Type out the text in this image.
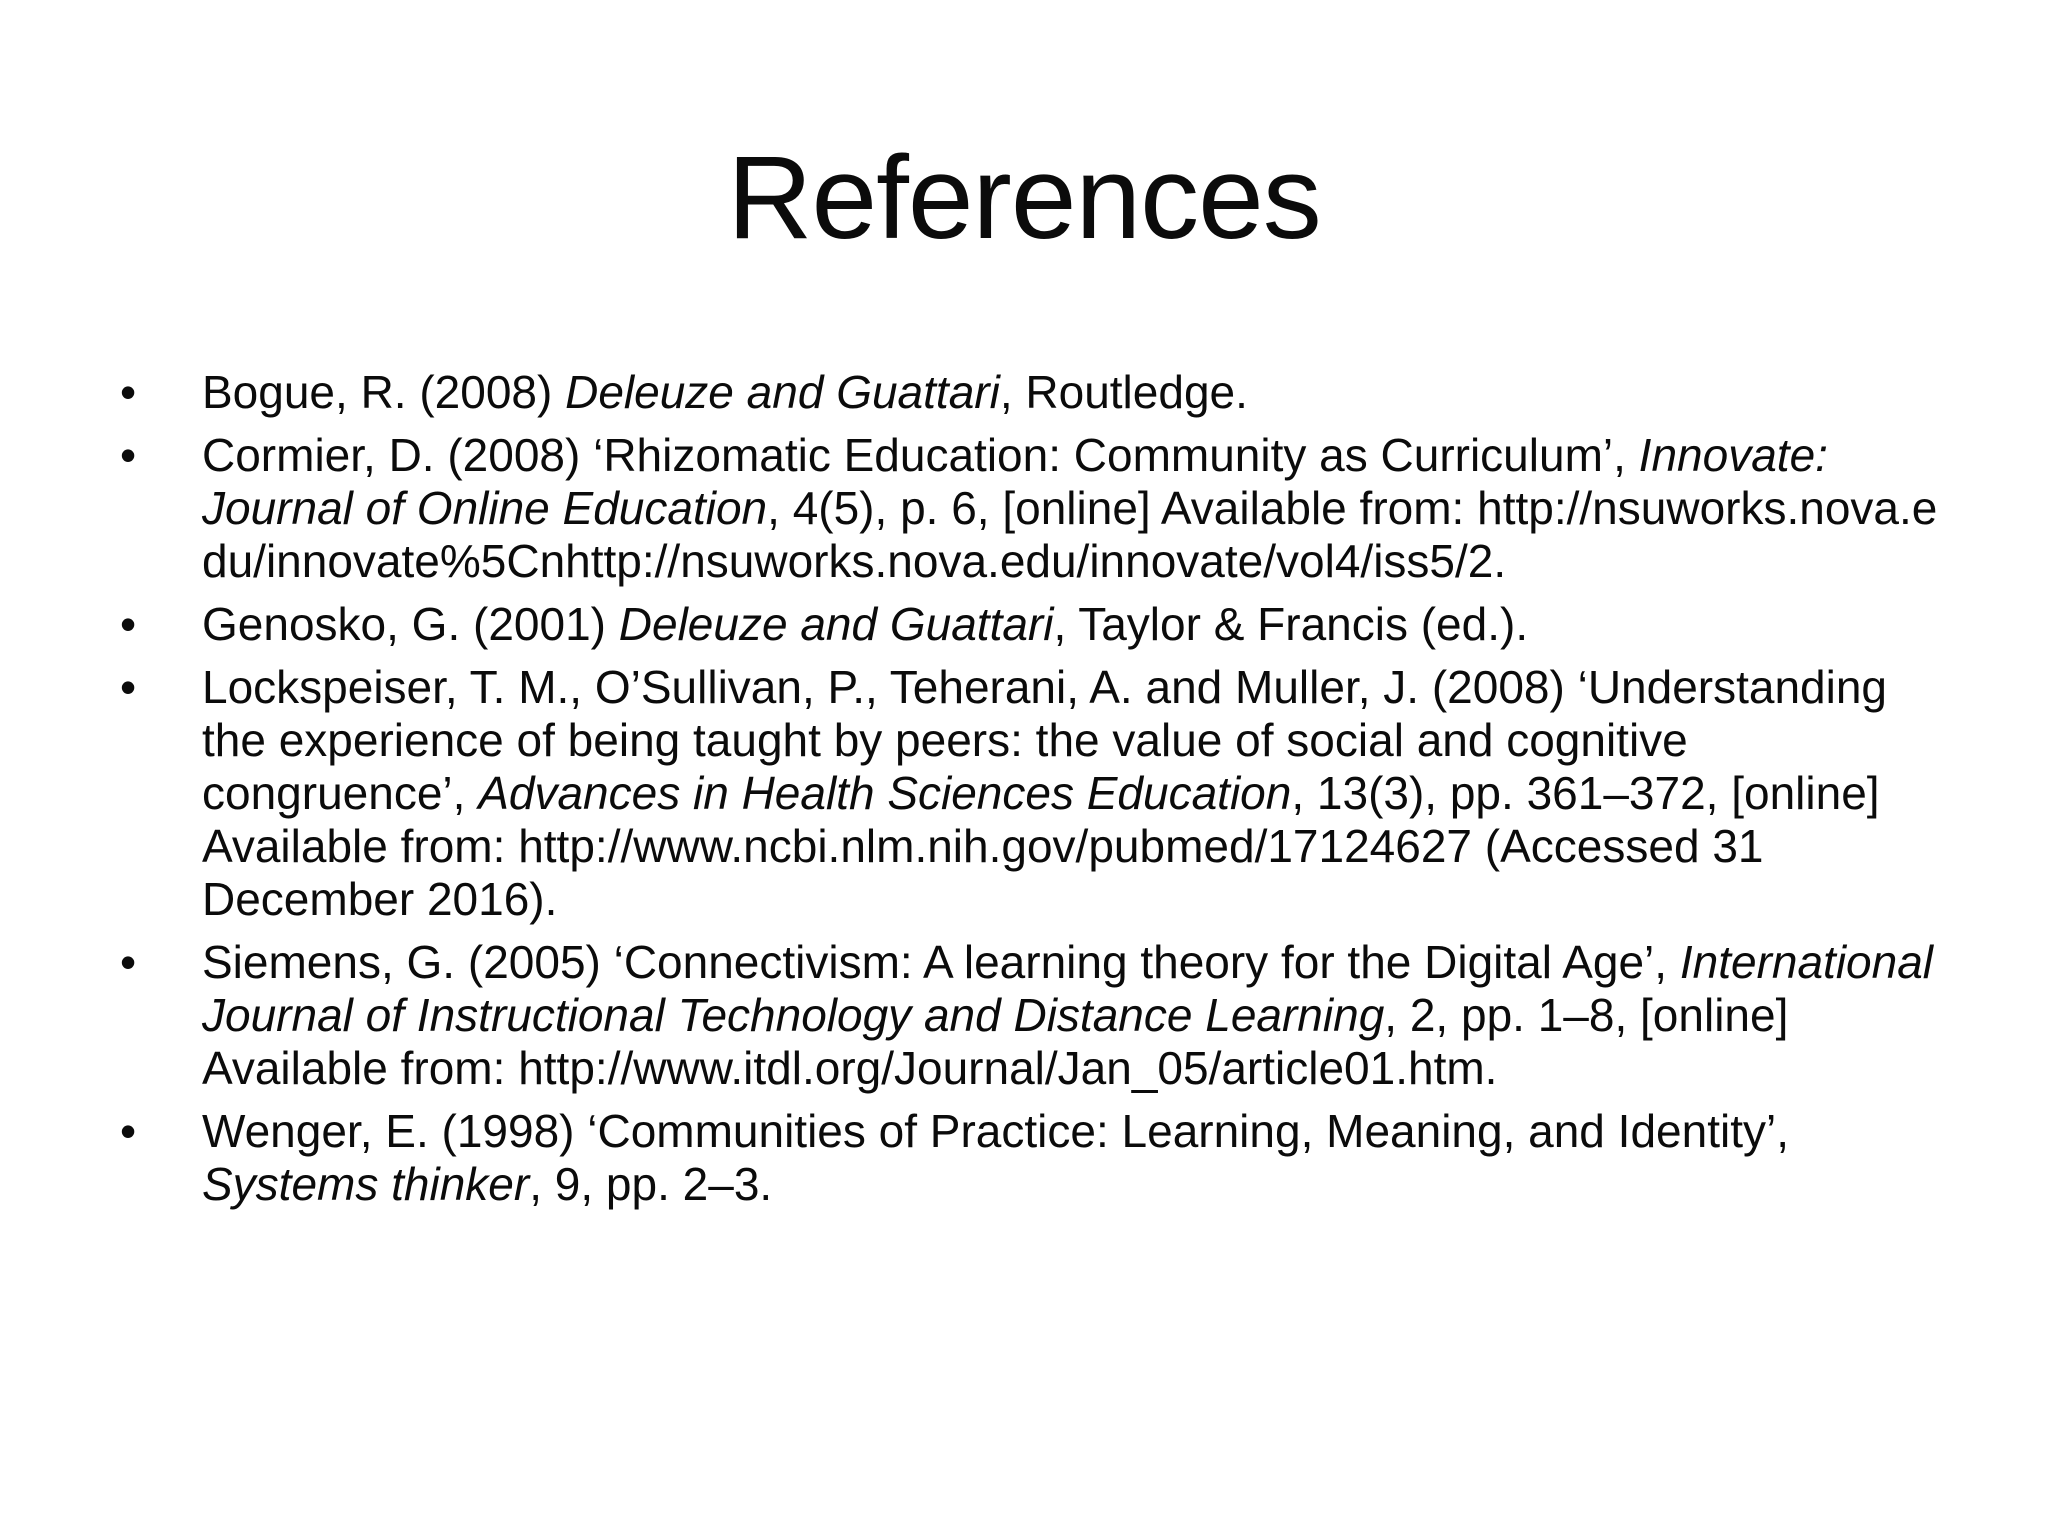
References
•	Bogue, R. (2008) Deleuze and Guattari, Routledge.
•	Cormier, D. (2008) ‘Rhizomatic Education: Community as Curriculum’, Innovate: Journal of Online Education, 4(5), p. 6, [online] Available from: http://nsuworks.nova.edu/innovate%5Cnhttp://nsuworks.nova.edu/innovate/vol4/iss5/2.
•	Genosko, G. (2001) Deleuze and Guattari, Taylor & Francis (ed.).
•	Lockspeiser, T. M., O’Sullivan, P., Teherani, A. and Muller, J. (2008) ‘Understanding the experience of being taught by peers: the value of social and cognitive congruence’, Advances in Health Sciences Education, 13(3), pp. 361–372, [online] Available from: http://www.ncbi.nlm.nih.gov/pubmed/17124627 (Accessed 31 December 2016).
•	Siemens, G. (2005) ‘Connectivism: A learning theory for the Digital Age’, International Journal of Instructional Technology and Distance Learning, 2, pp. 1–8, [online] Available from: http://www.itdl.org/Journal/Jan_05/article01.htm.
•	Wenger, E. (1998) ‘Communities of Practice: Learning, Meaning, and Identity’, Systems thinker, 9, pp. 2–3.
